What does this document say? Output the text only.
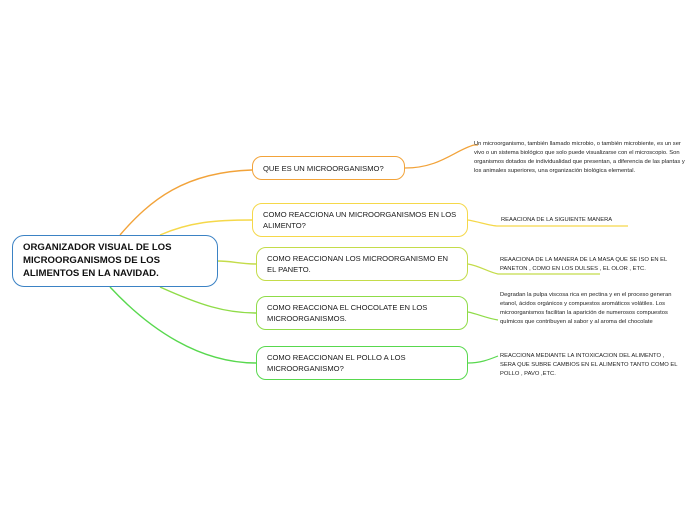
ORGANIZADOR VISUAL DE LOS MICROORGANISMOS DE LOS ALIMENTOS EN LA NAVIDAD.
QUE ES UN MICROORGANISMO?
Un microorganismo, también llamado microbio, o también microbiente, es un ser vivo o un sistema biológico que solo puede visualizarse con el microscopio. Son organismos dotados de individualidad que presentan, a diferencia de las plantas y los animales superiores, una organización biológica elemental.
COMO REACCIONA UN MICROORGANISMOS EN LOS ALIMENTO?
REAACIONA DE LA SIGUIENTE MANERA
COMO REACCIONAN LOS MICROORGANISMO EN EL PANETO.
REAACIONA DE LA MANERA DE LA MASA QUE SE ISO EN EL PANETON , COMO EN LOS DULSES , EL OLOR , ETC.
COMO REACCIONA EL CHOCOLATE EN LOS MICROORGANISMOS.
Degradan la pulpa viscosa rica en pectina y en el proceso generan etanol, ácidos orgánicos y compuestos aromáticos volátiles. Los microorganismos facilitan la aparición de numerosos compuestos químicos que contribuyen al sabor y al aroma del chocolate
COMO REACCIONAN EL POLLO A LOS MICROORGANISMO?
REACCIONA MEDIANTE LA INTOXICACION DEL ALIMENTO , SERA QUE SUBRE CAMBIOS EN EL ALIMENTO TANTO COMO EL POLLO , PAVO ,ETC.
